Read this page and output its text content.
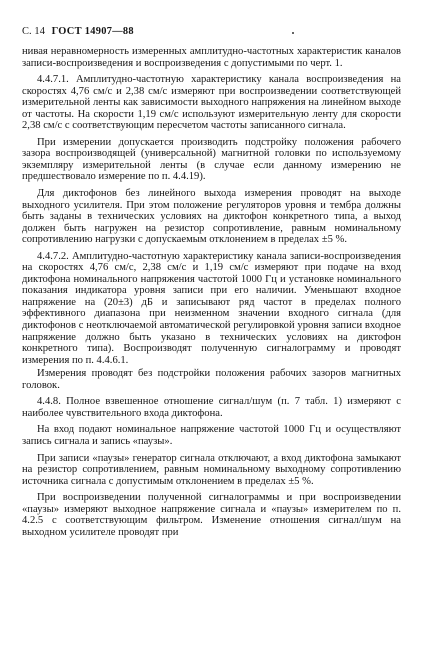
С. 14 ГОСТ 14907—88

нивая неравномерность измеренных амплитудно-частотных характеристик каналов записи-воспроизведения и воспроизведения с допустимыми по черт. 1.

4.4.7.1. Амплитудно-частотную характеристику канала воспроизведения на скоростях 4,76 см/с и 2,38 см/с измеряют при воспроизведении соответствующей измерительной ленты как зависимости выходного напряжения на линейном выходе от частоты. На скорости 1,19 см/с используют измерительную ленту для скорости 2,38 см/с с соответствующим пересчетом частоты записанного сигнала.

При измерении допускается производить подстройку положения рабочего зазора воспроизводящей (универсальной) магнитной головки по используемому экземпляру измерительной ленты (в случае если данному измерению не предшествовало измерение по п. 4.4.19).

Для диктофонов без линейного выхода измерения проводят на выходе выходного усилителя. При этом положение регуляторов уровня и тембра должны быть заданы в технических условиях на диктофон конкретного типа, а выход должен быть нагружен на резистор сопротивление, равным номинальному сопротивлению нагрузки с допускаемым отклонением в пределах ±5 %.

4.4.7.2. Амплитудно-частотную характеристику канала записи-воспроизведения на скоростях 4,76 см/с, 2,38 см/с и 1,19 см/с измеряют при подаче на вход диктофона номинального напряжения частотой 1000 Гц и установке номинального показания индикатора уровня записи при его наличии. Уменьшают входное напряжение на (20±3) дБ и записывают ряд частот в пределах полного эффективного диапазона при неизменном значении входного сигнала (для диктофонов с неотключаемой автоматической регулировкой уровня записи входное напряжение должно быть указано в технических условиях на диктофон конкретного типа). Воспроизводят полученную сигналограмму и проводят измерения по п. 4.4.6.1.

Измерения проводят без подстройки положения рабочих зазоров магнитных головок.

4.4.8. Полное взвешенное отношение сигнал/шум (п. 7 табл. 1) измеряют с наиболее чувствительного входа диктофона.

На вход подают номинальное напряжение частотой 1000 Гц и осуществляют запись сигнала и запись «паузы».

При записи «паузы» генератор сигнала отключают, а вход диктофона замыкают на резистор сопротивлением, равным номинальному выходному сопротивлению источника сигнала с допустимым отклонением в пределах ±5 %.

При воспроизведении полученной сигналограммы и при воспроизведении «паузы» измеряют выходное напряжение сигнала и «паузы» измерителем по п. 4.2.5 с соответствующим фильтром. Изменение отношения сигнал/шум на выходном усилителе проводят при
